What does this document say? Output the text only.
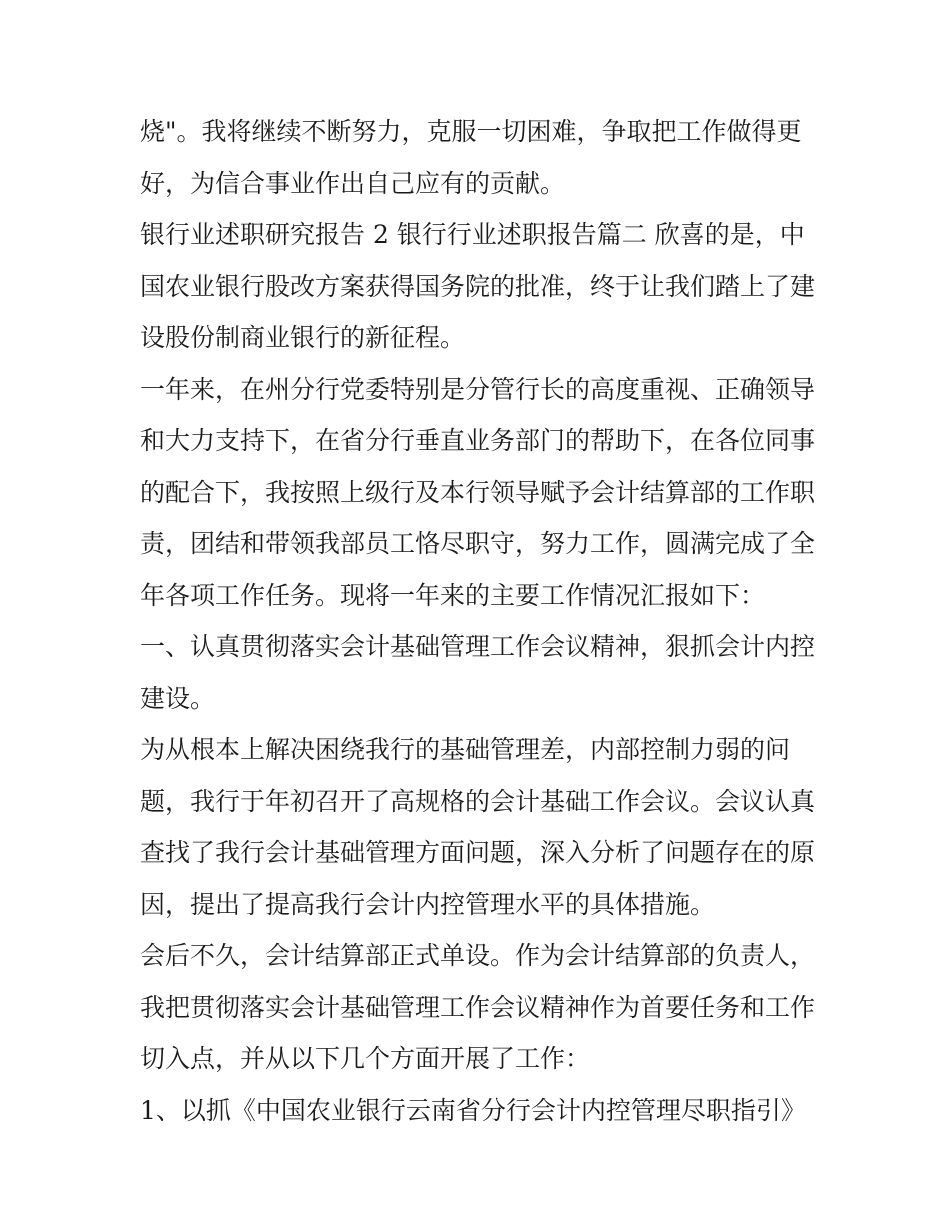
烧"。我将继续不断努力，克服一切困难，争取把工作做得更
好，为信合事业作出自己应有的贡献。

银行业述职研究报告 2 银行行业述职报告篇二 欣喜的是，中
国农业银行股改方案获得国务院的批准，终于让我们踏上了建
设股份制商业银行的新征程。

一年来，在州分行党委特别是分管行长的高度重视、正确领导
和大力支持下，在省分行垂直业务部门的帮助下，在各位同事
的配合下，我按照上级行及本行领导赋予会计结算部的工作职
责，团结和带领我部员工恪尽职守，努力工作，圆满完成了全
年各项工作任务。现将一年来的主要工作情况汇报如下：

一、认真贯彻落实会计基础管理工作会议精神，狠抓会计内控
建设。

为从根本上解决困绕我行的基础管理差，内部控制力弱的问
题，我行于年初召开了高规格的会计基础工作会议。会议认真
查找了我行会计基础管理方面问题，深入分析了问题存在的原
因，提出了提高我行会计内控管理水平的具体措施。

会后不久，会计结算部正式单设。作为会计结算部的负责人，
我把贯彻落实会计基础管理工作会议精神作为首要任务和工作
切入点，并从以下几个方面开展了工作：

1、以抓《中国农业银行云南省分行会计内控管理尽职指引》
